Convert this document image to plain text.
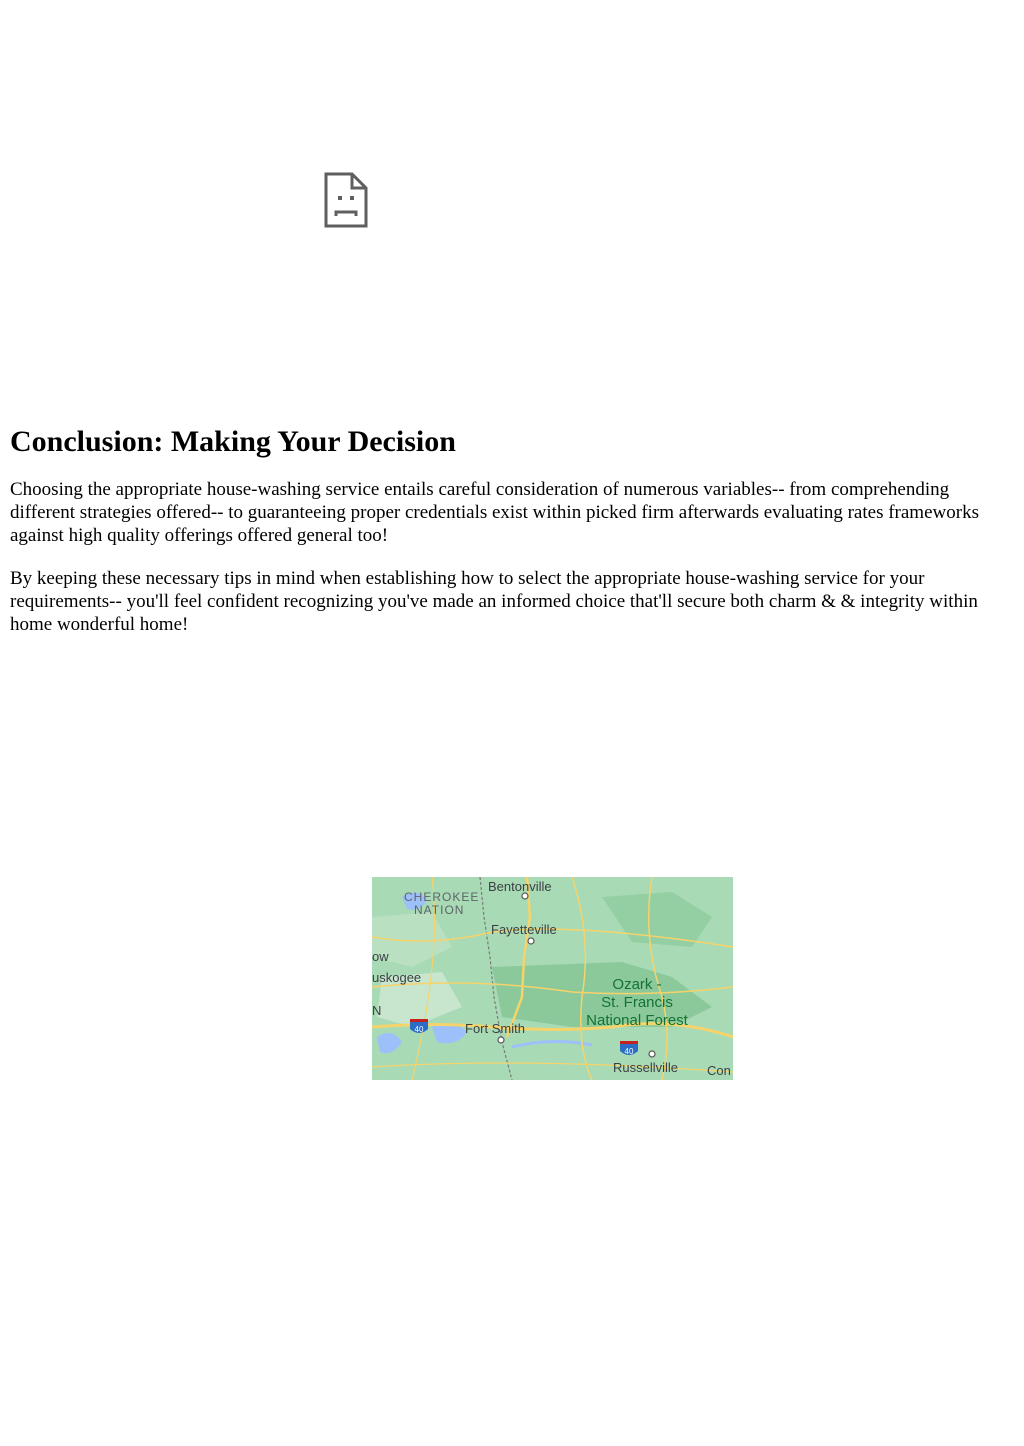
Conclusion: Making Your Decision

Choosing the appropriate house-washing service entails careful consideration of numerous variables-- from comprehending different strategies offered-- to guaranteeing proper credentials exist within picked firm afterwards evaluating rates frameworks against high quality offerings offered general too!

By keeping these necessary tips in mind when establishing how to select the appropriate house-washing service for your requirements-- you'll feel confident recognizing you've made an informed choice that'll secure both charm & & integrity within home wonderful home!

40
40
CHEROKEE
NATION
Bentonville
Fayetteville
ow
uskogee
N
Ozark -
St. Francis
National Forest
Fort Smith
Russellville Con
